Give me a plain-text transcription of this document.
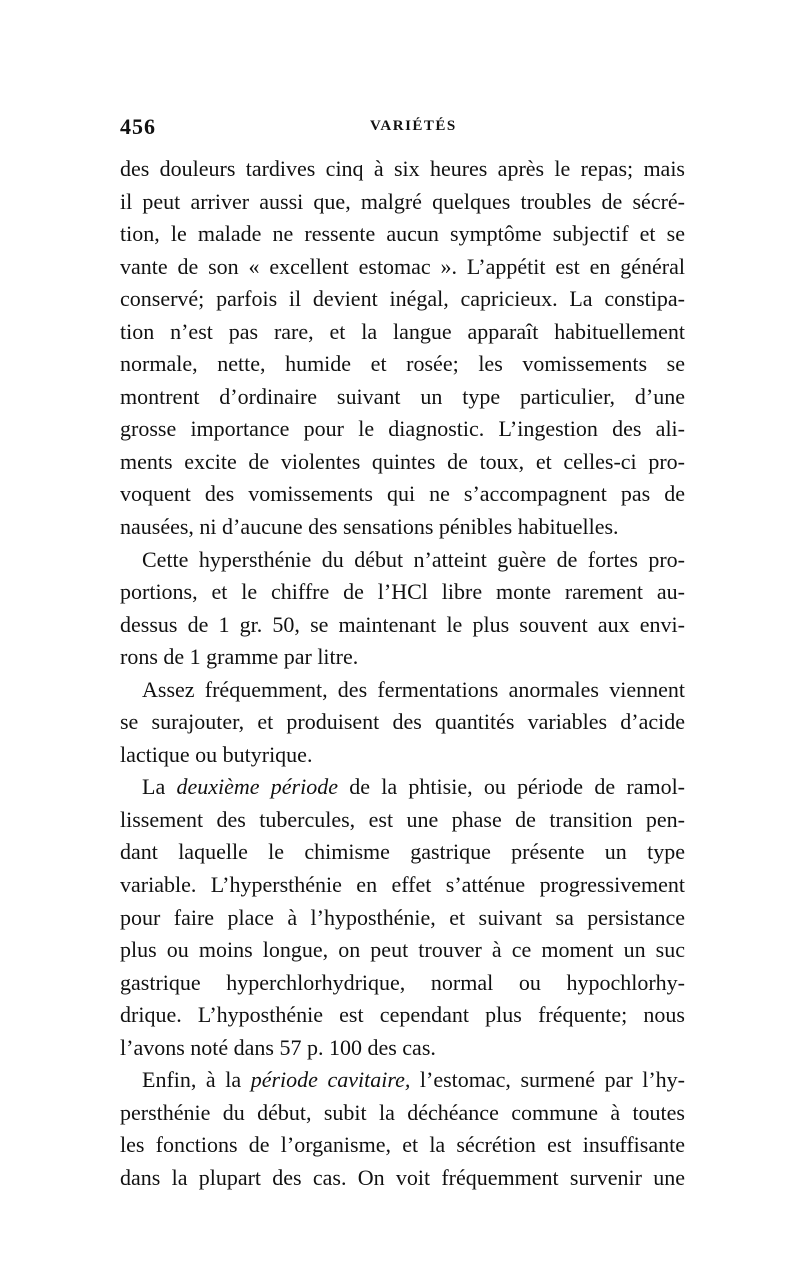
456	VARIÉTÉS
des douleurs tardives cinq à six heures après le repas; mais
il peut arriver aussi que, malgré quelques troubles de sécré-
tion, le malade ne ressente aucun symptôme subjectif et se
vante de son « excellent estomac ». L’appétit est en général
conservé; parfois il devient inégal, capricieux. La constipa-
tion n’est pas rare, et la langue apparaît habituellement
normale, nette, humide et rosée; les vomissements se
montrent d’ordinaire suivant un type particulier, d’une
grosse importance pour le diagnostic. L’ingestion des ali-
ments excite de violentes quintes de toux, et celles-ci pro-
voquent des vomissements qui ne s’accompagnent pas de
nausées, ni d’aucune des sensations pénibles habituelles.
Cette hypersthénie du début n’atteint guère de fortes pro-
portions, et le chiffre de l’HCl libre monte rarement au-
dessus de 1 gr. 50, se maintenant le plus souvent aux envi-
rons de 1 gramme par litre.
Assez fréquemment, des fermentations anormales viennent
se surajouter, et produisent des quantités variables d’acide
lactique ou butyrique.
La deuxième période de la phtisie, ou période de ramol-
lissement des tubercules, est une phase de transition pen-
dant laquelle le chimisme gastrique présente un type
variable. L’hypersthénie en effet s’atténue progressivement
pour faire place à l’hyposthénie, et suivant sa persistance
plus ou moins longue, on peut trouver à ce moment un suc
gastrique hyperchlorhydrique, normal ou hypochlorhy-
drique. L’hyposthénie est cependant plus fréquente; nous
l’avons noté dans 57 p. 100 des cas.
Enfin, à la période cavitaire, l’estomac, surmené par l’hy-
persthénie du début, subit la déchéance commune à toutes
les fonctions de l’organisme, et la sécrétion est insuffisante
dans la plupart des cas. On voit fréquemment survenir une
